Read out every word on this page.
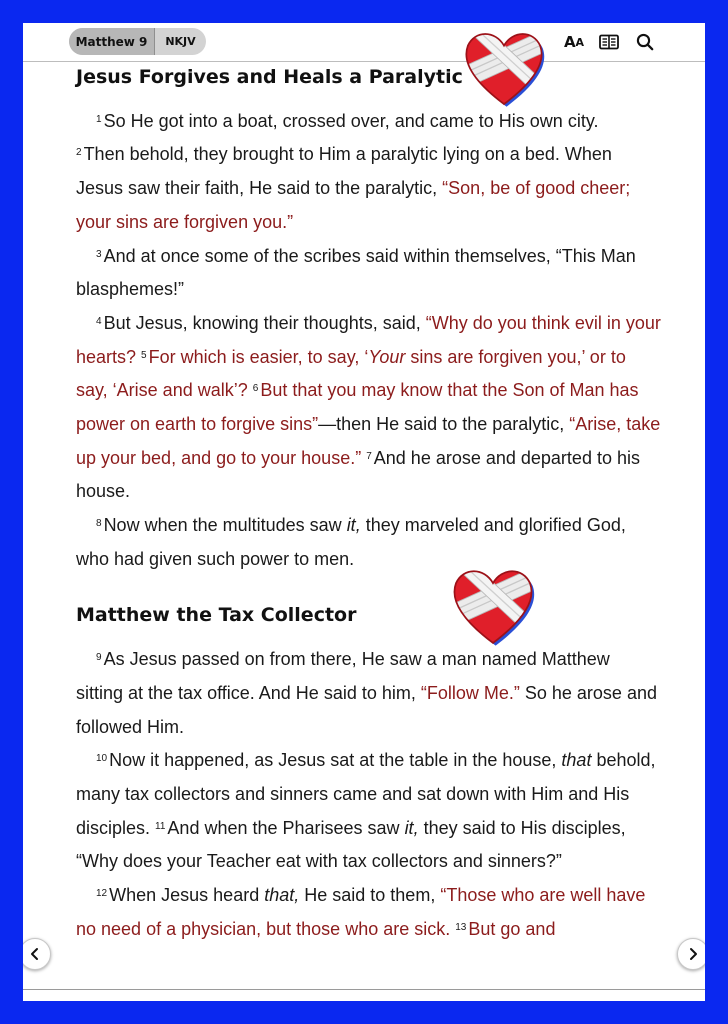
Matthew 9	NKJV	A A
Jesus Forgives and Heals a Paralytic

$^1$ So He got into a boat, crossed over, and came to His own city.

$^2$ Then behold, they brought to Him a paralytic lying on a bed. When Jesus saw their faith, He said to the paralytic, “Son, be of good cheer; your sins are forgiven you.”

$^3$ And at once some of the scribes said within themselves, “This Man blasphemes!”

$^4$ But Jesus, knowing their thoughts, said, “Why do you think evil in your hearts? $^5$ For which is easier, to say, ‘Your sins are forgiven you,’ or to say, ‘Arise and walk’? $^6$ But that you may know that the Son of Man has power on earth to forgive sins”—then He said to the paralytic, “Arise, take up your bed, and go to your house.” $^7$ And he arose and departed to his house.

$^8$ Now when the multitudes saw it, they marveled and glorified God, who had given such power to men.

Matthew the Tax Collector

$^9$ As Jesus passed on from there, He saw a man named Matthew sitting at the tax office. And He said to him, “Follow Me.” So he arose and followed Him.

$^{10}$ Now it happened, as Jesus sat at the table in the house, that behold, many tax collectors and sinners came and sat down with Him and His disciples. $^{11}$ And when the Pharisees saw it, they said to His disciples, “Why does your Teacher eat with tax collectors and sinners?”

$^{12}$ When Jesus heard that, He said to them, “Those who are well have no need of a physician, but those who are sick. $^{13}$ But go and
